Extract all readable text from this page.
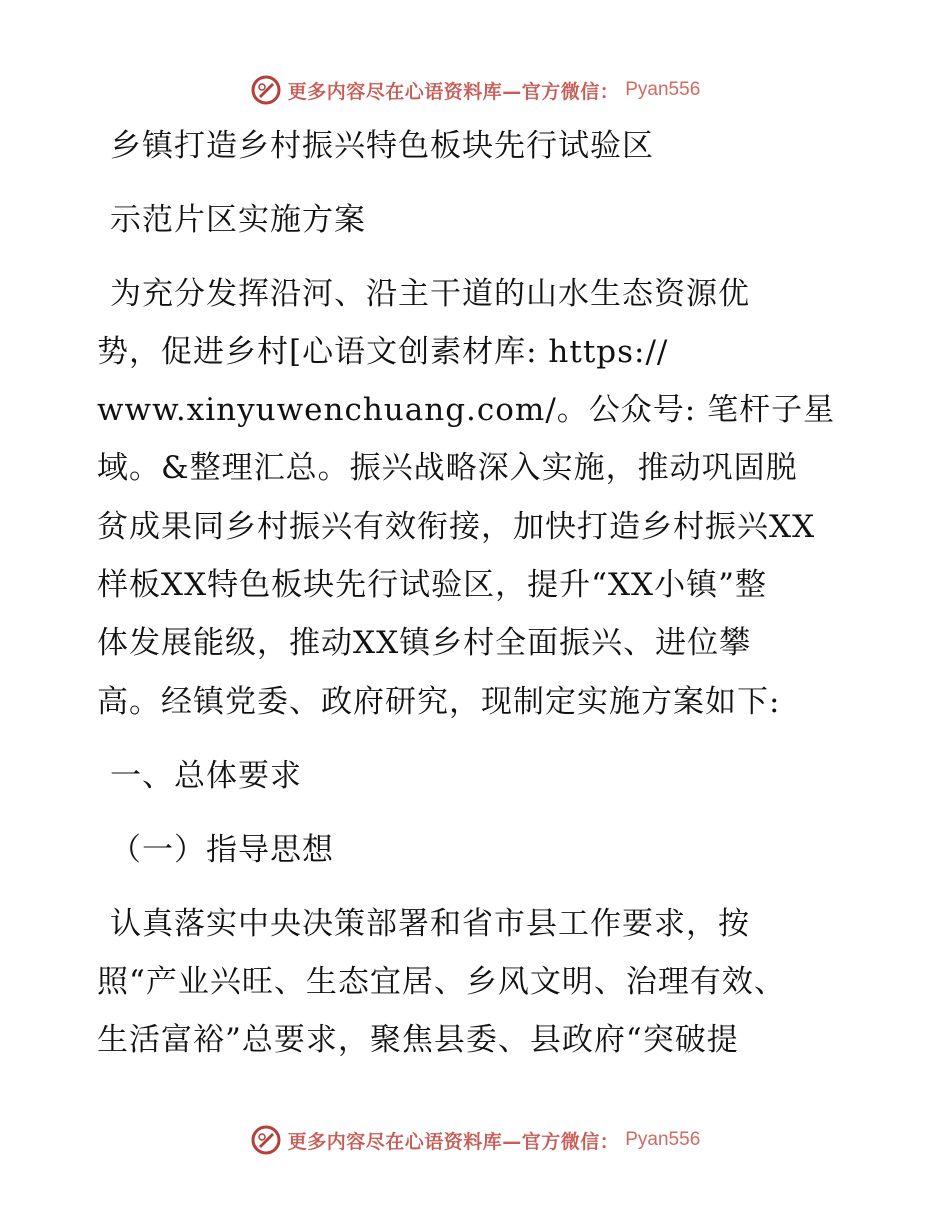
更多内容尽在心语资料库—官方微信： Pyan556
乡镇打造乡村振兴特色板块先行试验区
示范片区实施方案
为充分发挥沿河、沿主干道的山水生态资源优
势，促进乡村[心语文创素材库: https://
www.xinyuwenchuang.com/。公众号: 笔杆子星
域。&整理汇总。振兴战略深入实施，推动巩固脱
贫成果同乡村振兴有效衔接，加快打造乡村振兴XX
样板XX特色板块先行试验区，提升“XX小镇”整
体发展能级，推动XX镇乡村全面振兴、进位攀
高。经镇党委、政府研究，现制定实施方案如下:
一、总体要求
（一）指导思想
认真落实中央决策部署和省市县工作要求，按
照“产业兴旺、生态宜居、乡风文明、治理有效、
生活富裕”总要求，聚焦县委、县政府“突破提
更多内容尽在心语资料库—官方微信： Pyan556
